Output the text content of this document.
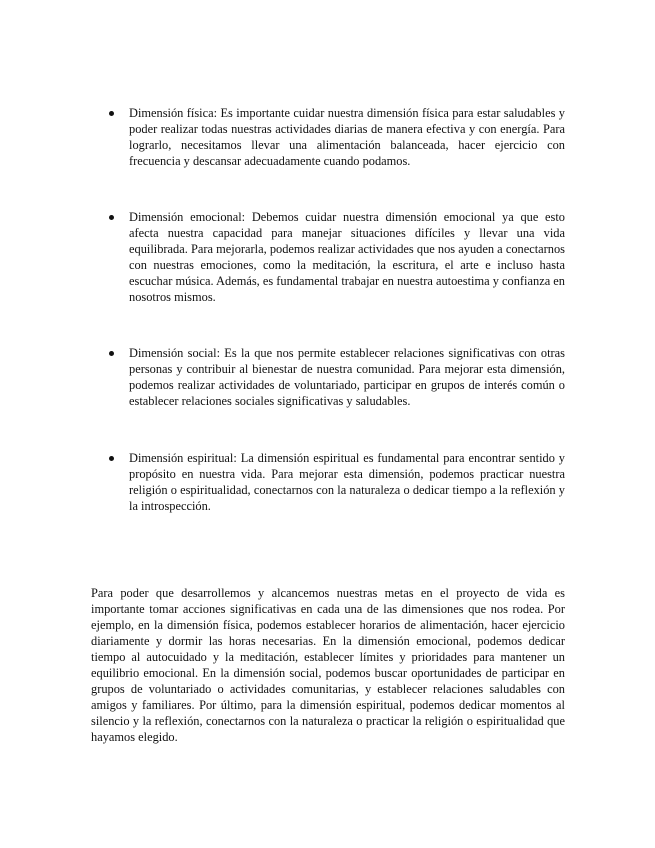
Dimensión física: Es importante cuidar nuestra dimensión física para estar saludables y poder realizar todas nuestras actividades diarias de manera efectiva y con energía. Para lograrlo, necesitamos llevar una alimentación balanceada, hacer ejercicio con frecuencia y descansar adecuadamente cuando podamos.
Dimensión emocional: Debemos cuidar nuestra dimensión emocional ya que esto afecta nuestra capacidad para manejar situaciones difíciles y llevar una vida equilibrada. Para mejorarla, podemos realizar actividades que nos ayuden a conectarnos con nuestras emociones, como la meditación, la escritura, el arte e incluso hasta escuchar música. Además, es fundamental trabajar en nuestra autoestima y confianza en nosotros mismos.
Dimensión social: Es la que nos permite establecer relaciones significativas con otras personas y contribuir al bienestar de nuestra comunidad. Para mejorar esta dimensión, podemos realizar actividades de voluntariado, participar en grupos de interés común o establecer relaciones sociales significativas y saludables.
Dimensión espiritual: La dimensión espiritual es fundamental para encontrar sentido y propósito en nuestra vida. Para mejorar esta dimensión, podemos practicar nuestra religión o espiritualidad, conectarnos con la naturaleza o dedicar tiempo a la reflexión y la introspección.

Para poder que desarrollemos y alcancemos nuestras metas en el proyecto de vida es importante tomar acciones significativas en cada una de las dimensiones que nos rodea. Por ejemplo, en la dimensión física, podemos establecer horarios de alimentación, hacer ejercicio diariamente y dormir las horas necesarias. En la dimensión emocional, podemos dedicar tiempo al autocuidado y la meditación, establecer límites y prioridades para mantener un equilibrio emocional. En la dimensión social, podemos buscar oportunidades de participar en grupos de voluntariado o actividades comunitarias, y establecer relaciones saludables con amigos y familiares. Por último, para la dimensión espiritual, podemos dedicar momentos al silencio y la reflexión, conectarnos con la naturaleza o practicar la religión o espiritualidad que hayamos elegido.
